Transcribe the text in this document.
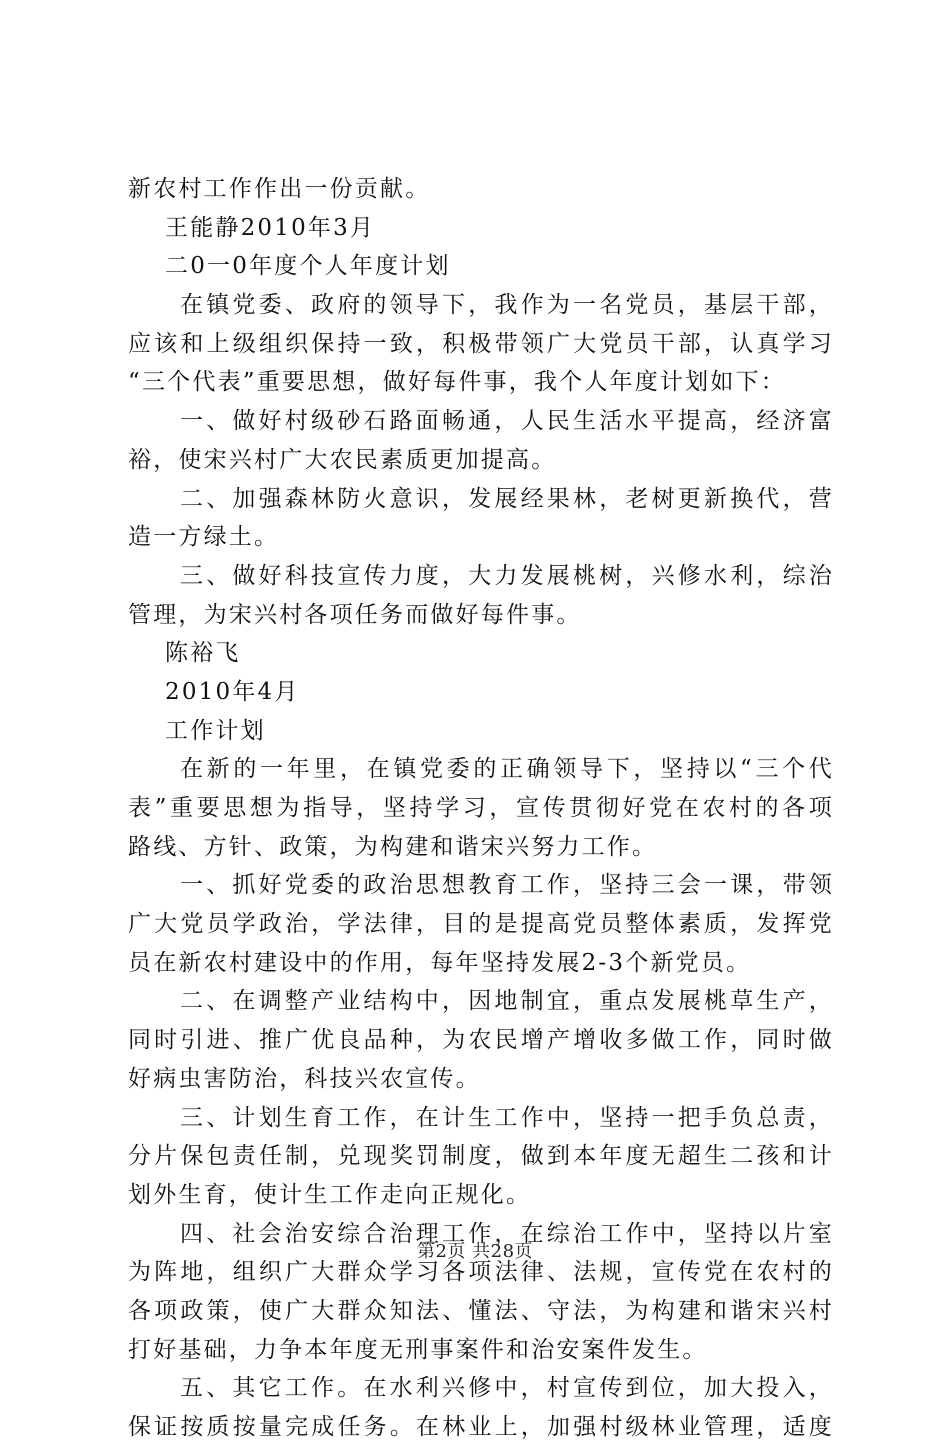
新农村工作作出一份贡献。
王能静2010年3月
二0一0年度个人年度计划
在镇党委、政府的领导下，我作为一名党员，基层干部，
应该和上级组织保持一致，积极带领广大党员干部，认真学习
“三个代表”重要思想，做好每件事，我个人年度计划如下：
一、做好村级砂石路面畅通，人民生活水平提高，经济富
裕，使宋兴村广大农民素质更加提高。
二、加强森林防火意识，发展经果林，老树更新换代，营
造一方绿土。
三、做好科技宣传力度，大力发展桃树，兴修水利，综治
管理，为宋兴村各项任务而做好每件事。
陈裕飞
2010年4月
工作计划
在新的一年里，在镇党委的正确领导下，坚持以“三个代
表”重要思想为指导，坚持学习，宣传贯彻好党在农村的各项
路线、方针、政策，为构建和谐宋兴努力工作。
一、抓好党委的政治思想教育工作，坚持三会一课，带领
广大党员学政治，学法律，目的是提高党员整体素质，发挥党
员在新农村建设中的作用，每年坚持发展2-3个新党员。
二、在调整产业结构中，因地制宜，重点发展桃草生产，
同时引进、推广优良品种，为农民增产增收多做工作，同时做
好病虫害防治，科技兴农宣传。
三、计划生育工作，在计生工作中，坚持一把手负总责，
分片保包责任制，兑现奖罚制度，做到本年度无超生二孩和计
划外生育，使计生工作走向正规化。
四、社会治安综合治理工作，在综治工作中，坚持以片室
为阵地，组织广大群众学习各项法律、法规，宣传党在农村的
各项政策，使广大群众知法、懂法、守法，为构建和谐宋兴村
打好基础，力争本年度无刑事案件和治安案件发生。
五、其它工作。在水利兴修中，村宣传到位，加大投入，
保证按质按量完成任务。在林业上，加强村级林业管理，适度
第2页 共28页
